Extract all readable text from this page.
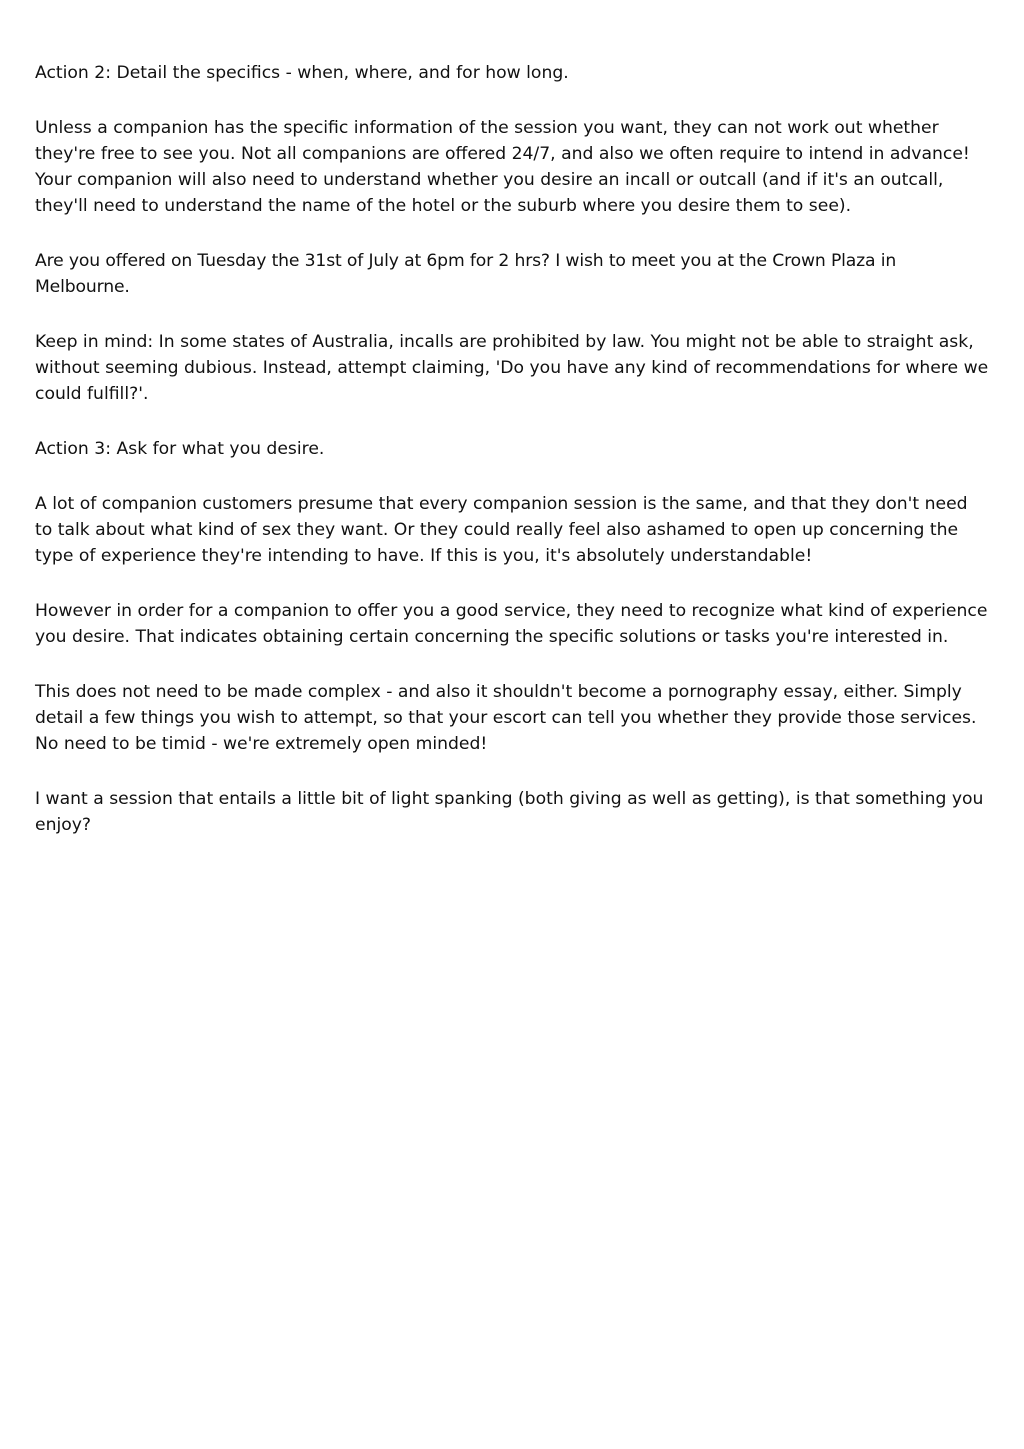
Action 2: Detail the specifics - when, where, and for how long.

Unless a companion has the specific information of the session you want, they can not work out whether they're free to see you. Not all companions are offered 24/7, and also we often require to intend in advance! Your companion will also need to understand whether you desire an incall or outcall (and if it's an outcall, they'll need to understand the name of the hotel or the suburb where you desire them to see).

Are you offered on Tuesday the 31st of July at 6pm for 2 hrs? I wish to meet you at the Crown Plaza in Melbourne.

Keep in mind: In some states of Australia, incalls are prohibited by law. You might not be able to straight ask, without seeming dubious. Instead, attempt claiming, 'Do you have any kind of recommendations for where we could fulfill?'.

Action 3: Ask for what you desire.

A lot of companion customers presume that every companion session is the same, and that they don't need to talk about what kind of sex they want. Or they could really feel also ashamed to open up concerning the type of experience they're intending to have. If this is you, it's absolutely understandable!

However in order for a companion to offer you a good service, they need to recognize what kind of experience you desire. That indicates obtaining certain concerning the specific solutions or tasks you're interested in.

This does not need to be made complex - and also it shouldn't become a pornography essay, either. Simply detail a few things you wish to attempt, so that your escort can tell you whether they provide those services. No need to be timid - we're extremely open minded!

I want a session that entails a little bit of light spanking (both giving as well as getting), is that something you enjoy?
